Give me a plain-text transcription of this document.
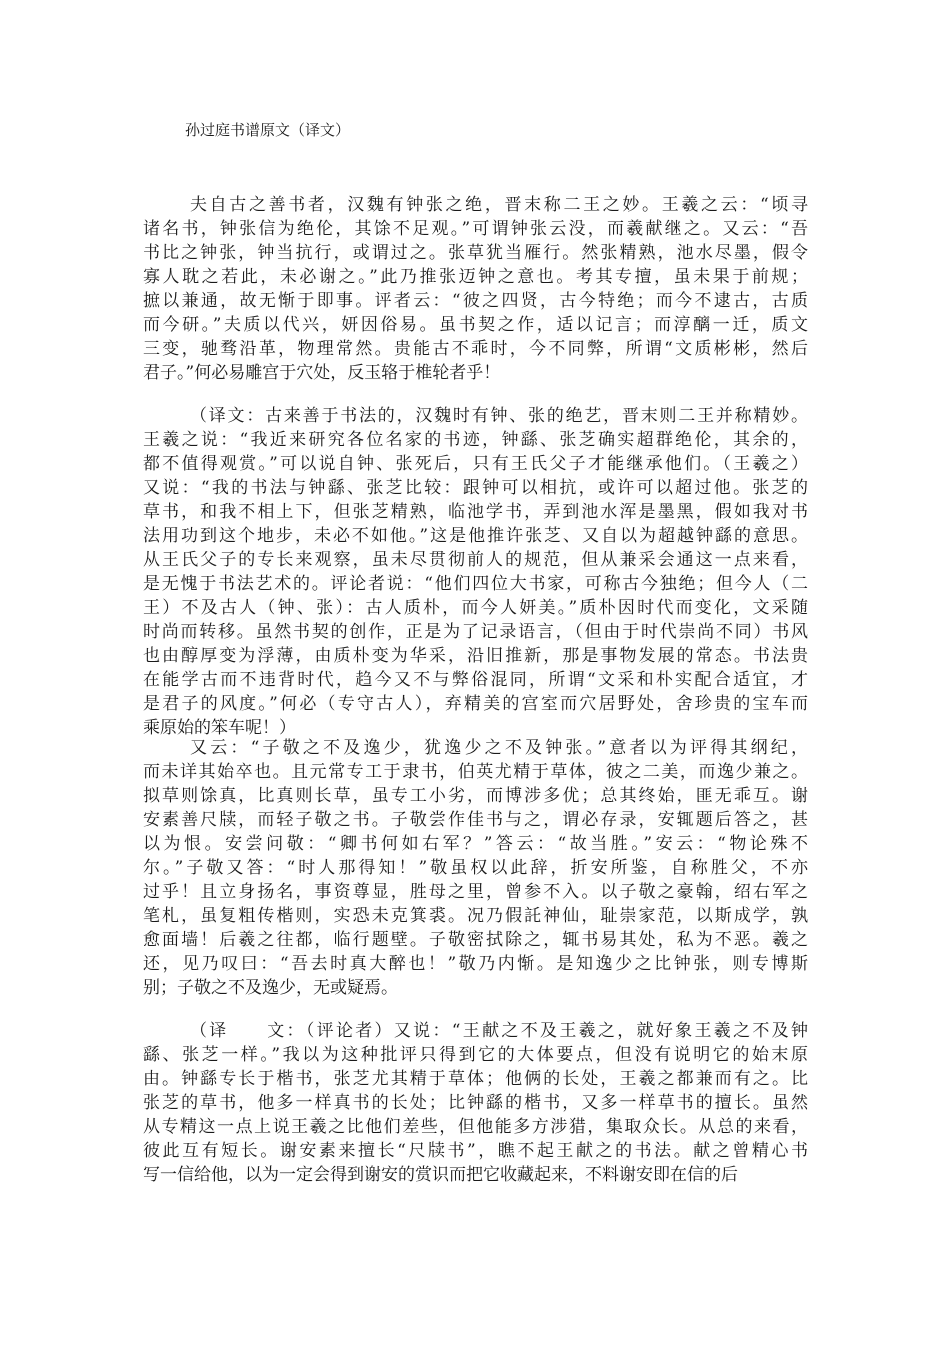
孙过庭书谱原文（译文）
夫自古之善书者，汉魏有钟张之绝，晋末称二王之妙。王羲之云：“顷寻
诸名书，钟张信为绝伦，其馀不足观。”可谓钟张云没，而羲献继之。又云：“吾
书比之钟张，钟当抗行，或谓过之。张草犹当雁行。然张精熟，池水尽墨，假令
寡人耽之若此，未必谢之。”此乃推张迈钟之意也。考其专擅，虽未果于前规；
摭以兼通，故无惭于即事。评者云：“彼之四贤，古今特绝；而今不逮古，古质
而今研。”夫质以代兴，妍因俗易。虽书契之作，适以记言；而淳醨一迁，质文
三变，驰骛沿革，物理常然。贵能古不乖时，今不同弊，所谓“文质彬彬，然后
君子。”何必易雕宫于穴处，反玉辂于椎轮者乎！
（译文：古来善于书法的，汉魏时有钟、张的绝艺，晋末则二王并称精妙。
王羲之说：“我近来研究各位名家的书迹，钟繇、张芝确实超群绝伦，其余的，
都不值得观赏。”可以说自钟、张死后，只有王氏父子才能继承他们。（王羲之）
又说：“我的书法与钟繇、张芝比较：跟钟可以相抗，或许可以超过他。张芝的
草书，和我不相上下，但张芝精熟，临池学书，弄到池水浑是墨黑，假如我对书
法用功到这个地步，未必不如他。”这是他推许张芝、又自以为超越钟繇的意思。
从王氏父子的专长来观察，虽未尽贯彻前人的规范，但从兼采会通这一点来看，
是无愧于书法艺术的。评论者说：“他们四位大书家，可称古今独绝；但今人（二
王）不及古人（钟、张）：古人质朴，而今人妍美。”质朴因时代而变化，文采随
时尚而转移。虽然书契的创作，正是为了记录语言，（但由于时代崇尚不同）书风
也由醇厚变为浮薄，由质朴变为华采，沿旧推新，那是事物发展的常态。书法贵
在能学古而不违背时代，趋今又不与弊俗混同，所谓“文采和朴实配合适宜，才
是君子的风度。”何必（专守古人），弃精美的宫室而穴居野处，舍珍贵的宝车而
乘原始的笨车呢！）
又云：“子敬之不及逸少，犹逸少之不及钟张。”意者以为评得其纲纪，
而未详其始卒也。且元常专工于隶书，伯英尤精于草体，彼之二美，而逸少兼之。
拟草则馀真，比真则长草，虽专工小劣，而博涉多优；总其终始，匪无乖互。谢
安素善尺牍，而轻子敬之书。子敬尝作佳书与之，谓必存录，安辄题后答之，甚
以为恨。安尝问敬：“卿书何如右军？”答云：“故当胜。”安云：“物论殊不
尔。”子敬又答：“时人那得知！”敬虽权以此辞，折安所鉴，自称胜父，不亦
过乎！且立身扬名，事资尊显，胜母之里，曾参不入。以子敬之豪翰，绍右军之
笔札，虽复粗传楷则，实恐未克箕裘。况乃假託神仙，耻崇家范，以斯成学，孰
愈面墙！后羲之往都，临行题壁。子敬密拭除之，辄书易其处，私为不恶。羲之
还，见乃叹曰：“吾去时真大醉也！”敬乃内惭。是知逸少之比钟张，则专博斯
别；子敬之不及逸少，无或疑焉。
（译　　文：（评论者）又说：“王献之不及王羲之，就好象王羲之不及钟
繇、张芝一样。”我以为这种批评只得到它的大体要点，但没有说明它的始末原
由。钟繇专长于楷书，张芝尤其精于草体；他俩的长处，王羲之都兼而有之。比
张芝的草书，他多一样真书的长处；比钟繇的楷书，又多一样草书的擅长。虽然
从专精这一点上说王羲之比他们差些，但他能多方涉猎，集取众长。从总的来看，
彼此互有短长。谢安素来擅长“尺牍书”，瞧不起王献之的书法。献之曾精心书
写一信给他，以为一定会得到谢安的赏识而把它收藏起来，不料谢安即在信的后
